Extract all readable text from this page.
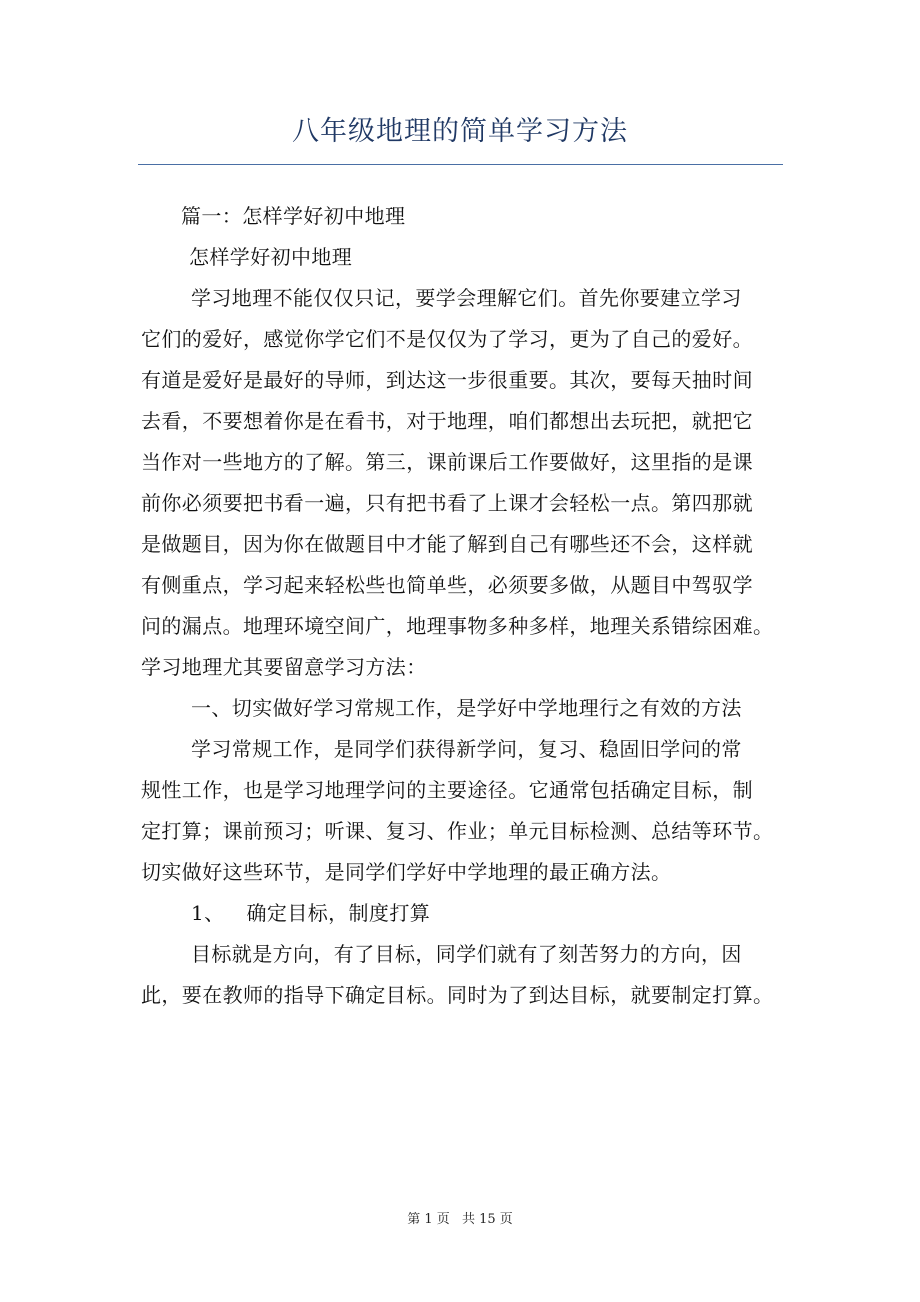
八年级地理的简单学习方法

篇一：怎样学好初中地理

怎样学好初中地理

学习地理不能仅仅只记，要学会理解它们。首先你要建立学习

它们的爱好，感觉你学它们不是仅仅为了学习，更为了自己的爱好。

有道是爱好是最好的导师，到达这一步很重要。其次，要每天抽时间

去看，不要想着你是在看书，对于地理，咱们都想出去玩把，就把它

当作对一些地方的了解。第三，课前课后工作要做好，这里指的是课

前你必须要把书看一遍，只有把书看了上课才会轻松一点。第四那就

是做题目，因为你在做题目中才能了解到自己有哪些还不会，这样就

有侧重点，学习起来轻松些也简单些，必须要多做，从题目中驾驭学

问的漏点。地理环境空间广，地理事物多种多样，地理关系错综困难。

学习地理尤其要留意学习方法：

一、切实做好学习常规工作，是学好中学地理行之有效的方法

学习常规工作，是同学们获得新学问，复习、稳固旧学问的常

规性工作，也是学习地理学问的主要途径。它通常包括确定目标，制

定打算；课前预习；听课、复习、作业；单元目标检测、总结等环节。

切实做好这些环节，是同学们学好中学地理的最正确方法。

1、 确定目标，制度打算

目标就是方向，有了目标，同学们就有了刻苦努力的方向，因

此，要在教师的指导下确定目标。同时为了到达目标，就要制定打算。

第 1 页 共 15 页
